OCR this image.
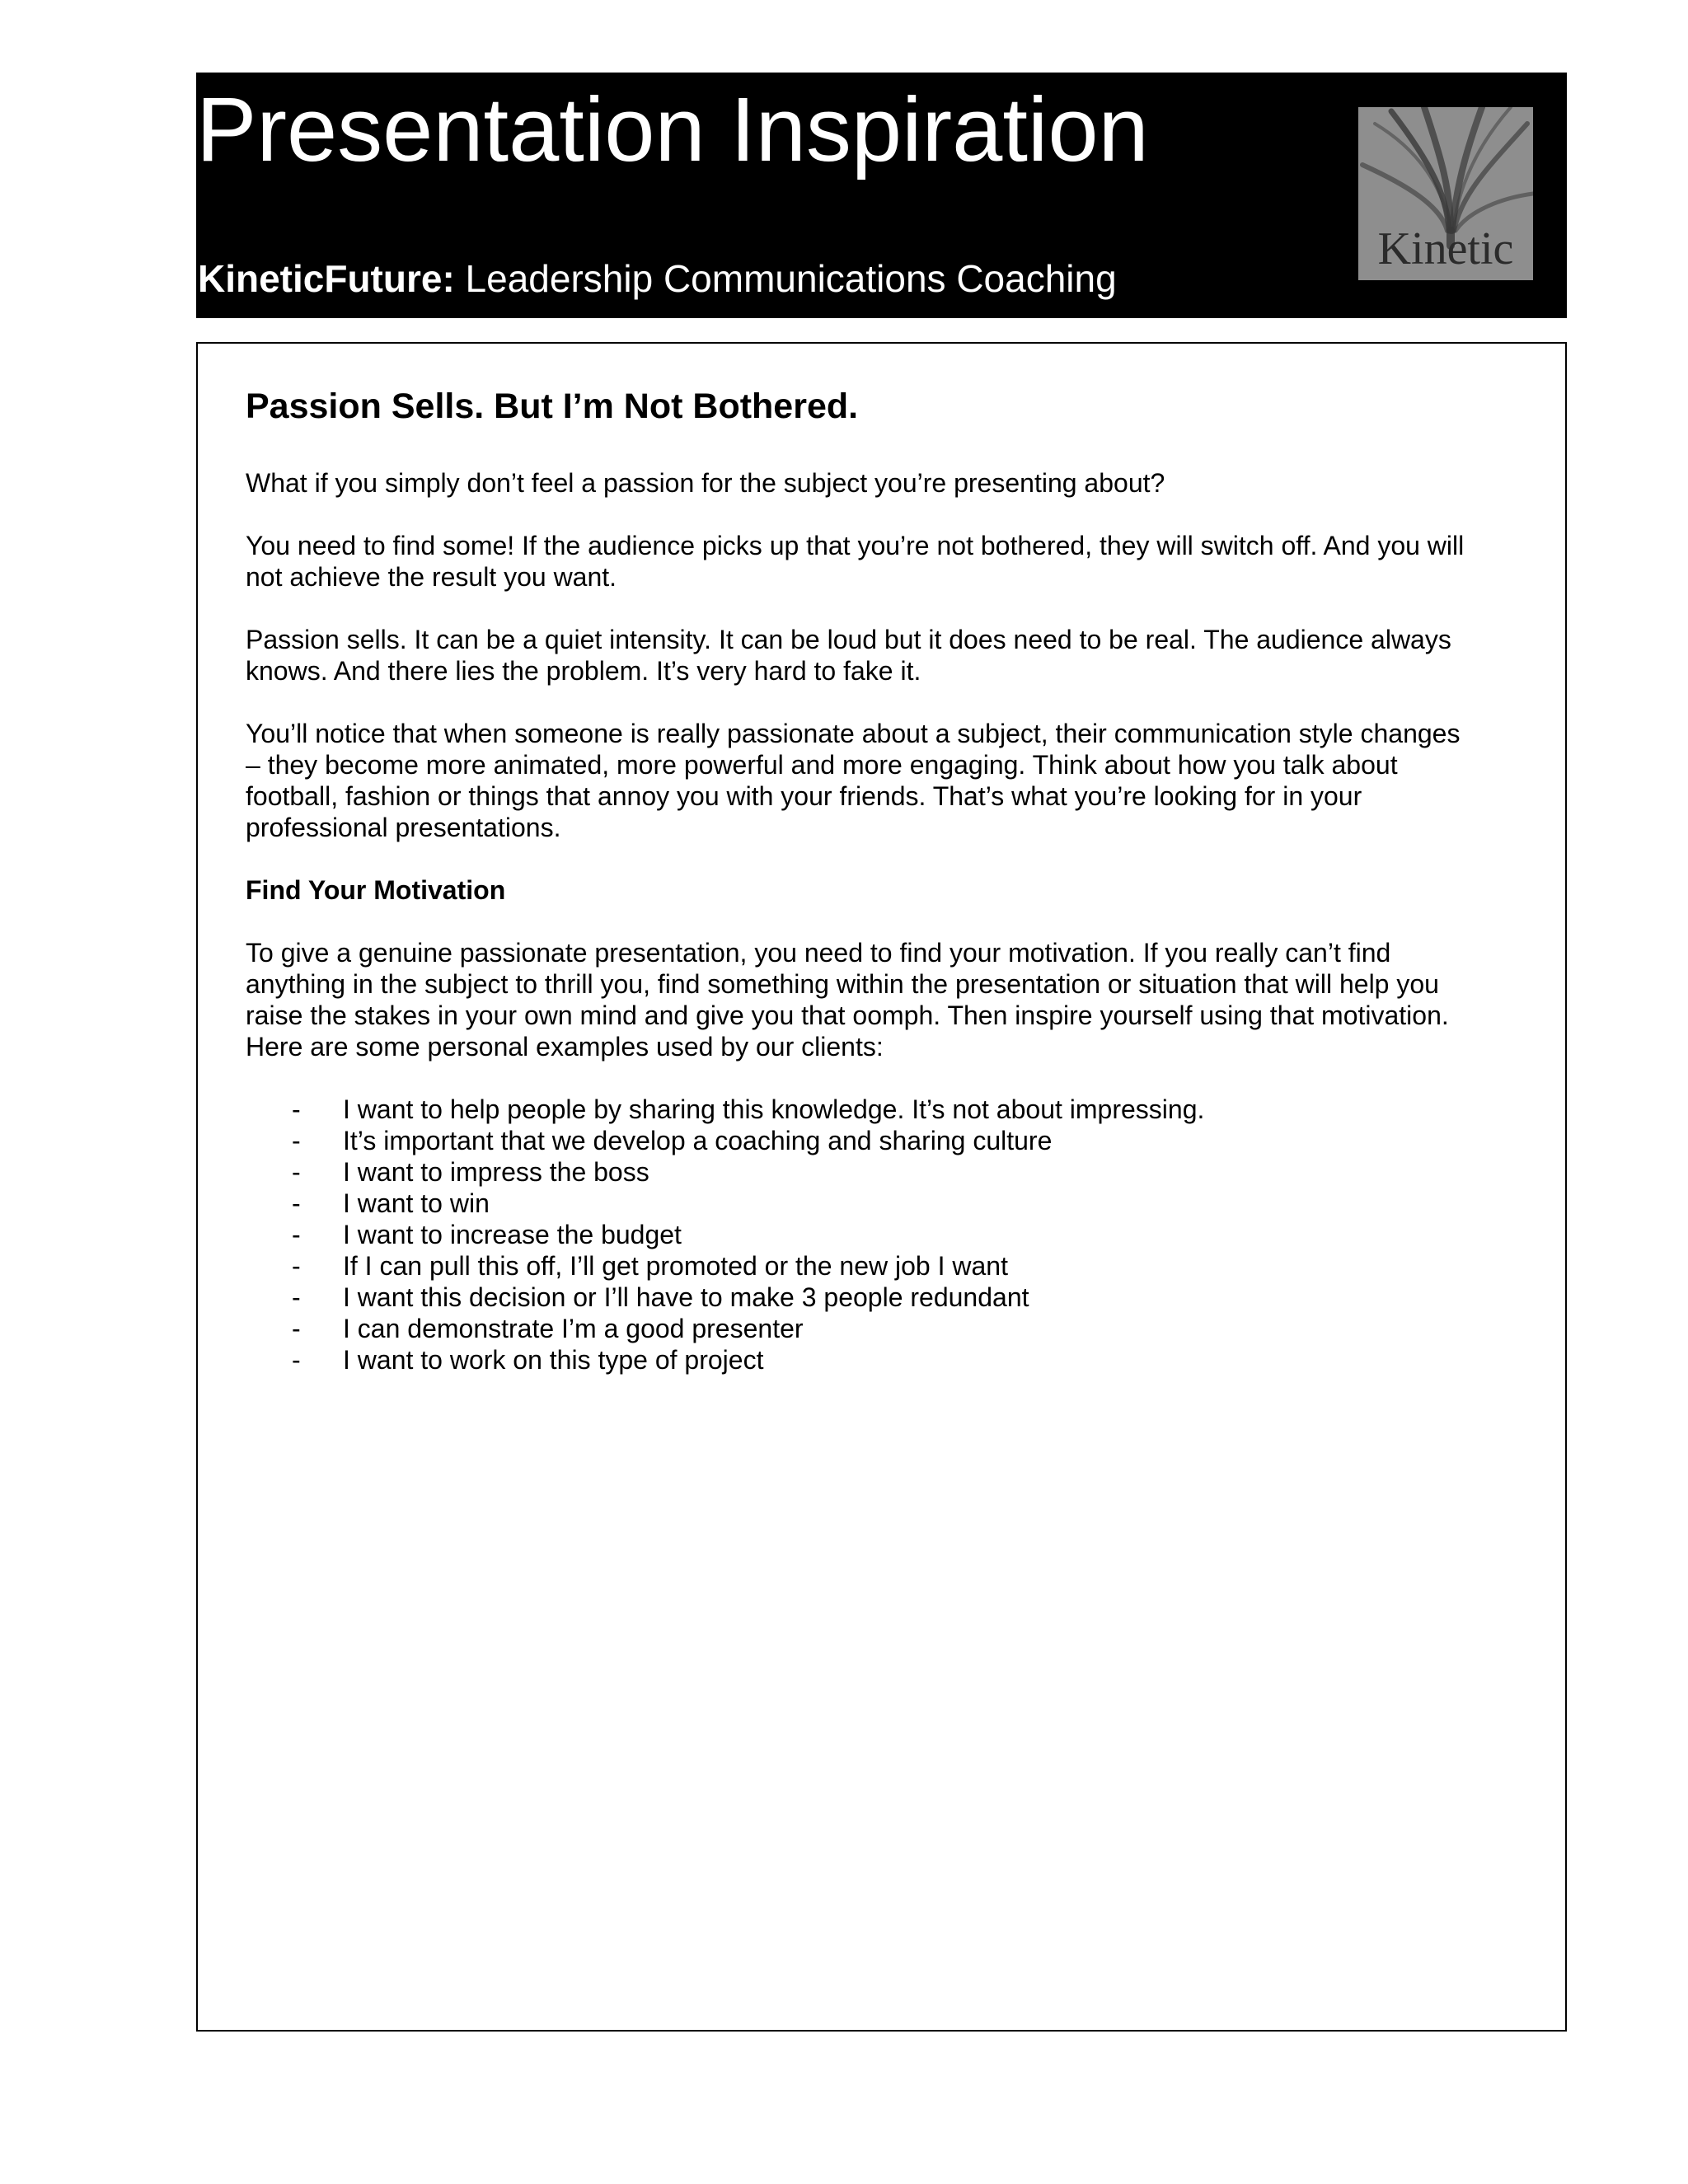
Presentation Inspiration
KineticFuture: Leadership Communications Coaching
Kinetic
Passion Sells. But I’m Not Bothered.

What if you simply don’t feel a passion for the subject you’re presenting about?

You need to find some! If the audience picks up that you’re not bothered, they will switch off. And you will not achieve the result you want.

Passion sells. It can be a quiet intensity. It can be loud but it does need to be real. The audience always knows. And there lies the problem. It’s very hard to fake it.

You’ll notice that when someone is really passionate about a subject, their communication style changes – they become more animated, more powerful and more engaging. Think about how you talk about football, fashion or things that annoy you with your friends. That’s what you’re looking for in your professional presentations.

Find Your Motivation

To give a genuine passionate presentation, you need to find your motivation. If you really can’t find anything in the subject to thrill you, find something within the presentation or situation that will help you raise the stakes in your own mind and give you that oomph. Then inspire yourself using that motivation. Here are some personal examples used by our clients:

- I want to help people by sharing this knowledge. It’s not about impressing.
- It’s important that we develop a coaching and sharing culture
- I want to impress the boss
- I want to win
- I want to increase the budget
- If I can pull this off, I’ll get promoted or the new job I want
- I want this decision or I’ll have to make 3 people redundant
- I can demonstrate I’m a good presenter
- I want to work on this type of project
